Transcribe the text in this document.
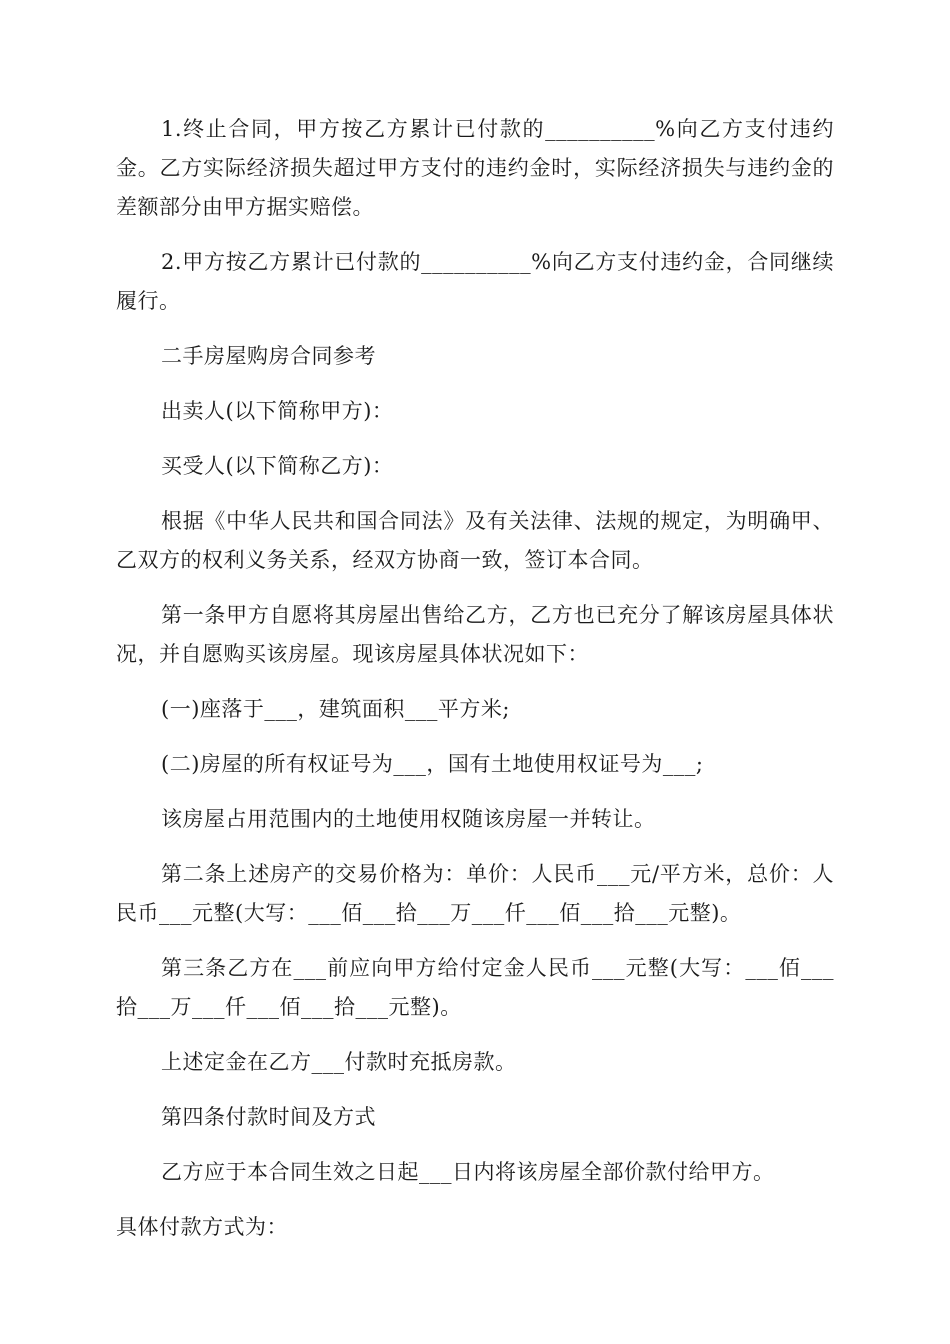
1.终止合同，甲方按乙方累计已付款的__________%向乙方支付违约金。乙方实际经济损失超过甲方支付的违约金时，实际经济损失与违约金的差额部分由甲方据实赔偿。

2.甲方按乙方累计已付款的__________%向乙方支付违约金，合同继续履行。

二手房屋购房合同参考

出卖人(以下简称甲方)：

买受人(以下简称乙方)：

根据《中华人民共和国合同法》及有关法律、法规的规定，为明确甲、乙双方的权利义务关系，经双方协商一致，签订本合同。

第一条甲方自愿将其房屋出售给乙方，乙方也已充分了解该房屋具体状况，并自愿购买该房屋。现该房屋具体状况如下：

(一)座落于___，建筑面积___平方米;

(二)房屋的所有权证号为___，国有土地使用权证号为___;

该房屋占用范围内的土地使用权随该房屋一并转让。

第二条上述房产的交易价格为：单价：人民币___元/平方米，总价：人民币___元整(大写：___佰___拾___万___仟___佰___拾___元整)。

第三条乙方在___前应向甲方给付定金人民币___元整(大写：___佰___拾___万___仟___佰___拾___元整)。

上述定金在乙方___付款时充抵房款。

第四条付款时间及方式

乙方应于本合同生效之日起___日内将该房屋全部价款付给甲方。

具体付款方式为：
